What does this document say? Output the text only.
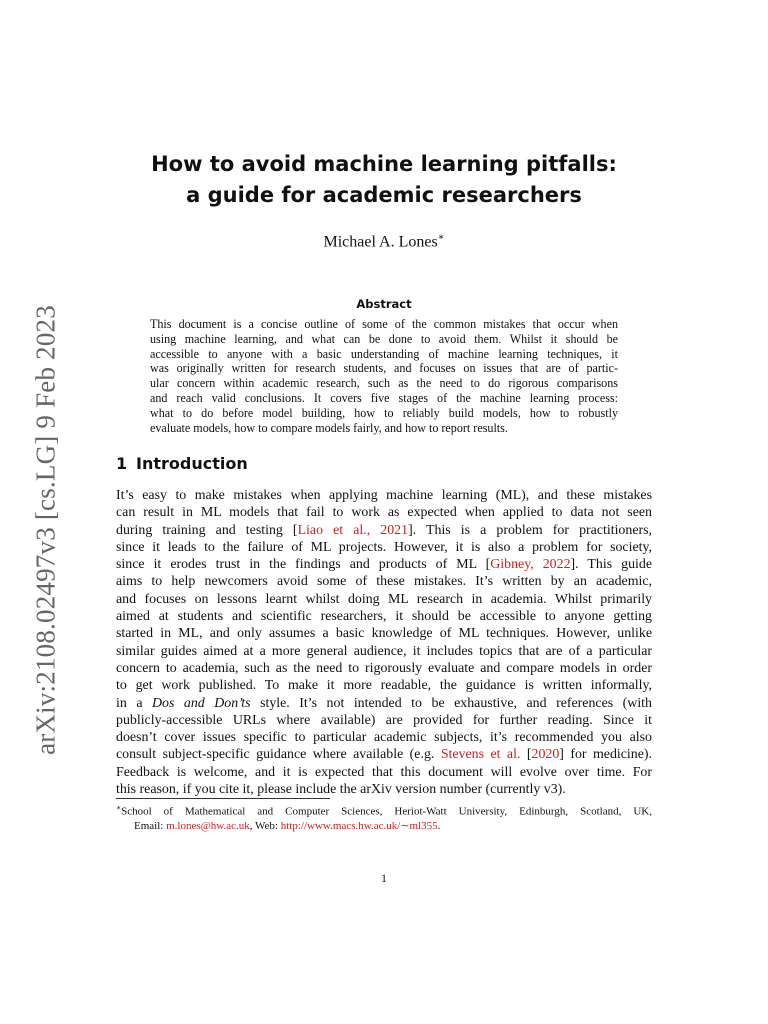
arXiv:2108.02497v3 [cs.LG] 9 Feb 2023
How to avoid machine learning pitfalls:
a guide for academic researchers
Michael A. Lones∗
Abstract
This document is a concise outline of some of the common mistakes that occur when
using machine learning, and what can be done to avoid them. Whilst it should be
accessible to anyone with a basic understanding of machine learning techniques, it
was originally written for research students, and focuses on issues that are of partic-
ular concern within academic research, such as the need to do rigorous comparisons
and reach valid conclusions. It covers five stages of the machine learning process:
what to do before model building, how to reliably build models, how to robustly
evaluate models, how to compare models fairly, and how to report results.
1 Introduction
It’s easy to make mistakes when applying machine learning (ML), and these mistakes
can result in ML models that fail to work as expected when applied to data not seen
during training and testing [Liao et al., 2021]. This is a problem for practitioners,
since it leads to the failure of ML projects. However, it is also a problem for society,
since it erodes trust in the findings and products of ML [Gibney, 2022]. This guide
aims to help newcomers avoid some of these mistakes. It’s written by an academic,
and focuses on lessons learnt whilst doing ML research in academia. Whilst primarily
aimed at students and scientific researchers, it should be accessible to anyone getting
started in ML, and only assumes a basic knowledge of ML techniques. However, unlike
similar guides aimed at a more general audience, it includes topics that are of a particular
concern to academia, such as the need to rigorously evaluate and compare models in order
to get work published. To make it more readable, the guidance is written informally,
in a Dos and Don’ts style. It’s not intended to be exhaustive, and references (with
publicly-accessible URLs where available) are provided for further reading. Since it
doesn’t cover issues specific to particular academic subjects, it’s recommended you also
consult subject-specific guidance where available (e.g. Stevens et al. [2020] for medicine).
Feedback is welcome, and it is expected that this document will evolve over time. For
this reason, if you cite it, please include the arXiv version number (currently v3).
∗School of Mathematical and Computer Sciences, Heriot-Watt University, Edinburgh, Scotland, UK,
Email: m.lones@hw.ac.uk, Web: http://www.macs.hw.ac.uk/∼ml355.
1
